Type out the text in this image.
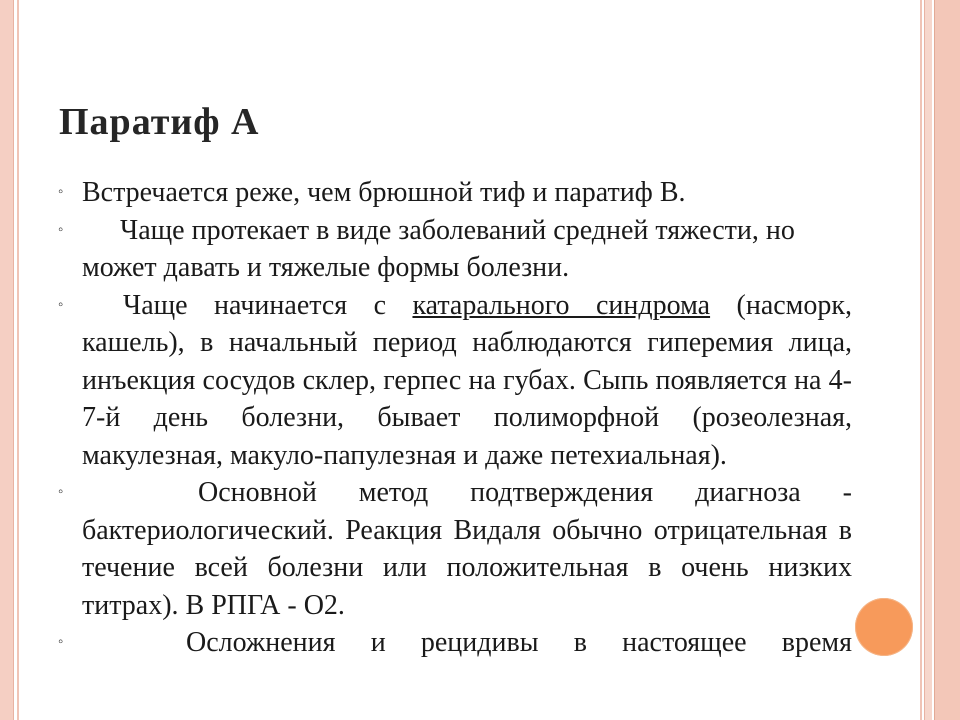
Паратиф А
◦ Встречается реже, чем брюшной тиф и паратиф В.
◦	Чаще протекает в виде заболеваний средней тяжести, но может давать и тяжелые формы болезни.
◦	Чаще начинается с катарального синдрома (насморк, кашель), в начальный период наблюдаются гиперемия лица, инъекция сосудов склер, герпес на губах. Сыпь появляется на 4-7-й день болезни, бывает полиморфной (розеолезная, макулезная, макуло-папулезная и даже петехиальная).
◦	Основной метод подтверждения диагноза - бактериологический. Реакция Видаля обычно отрицательная в течение всей болезни или положительная в очень низких титрах). В РПГА - О2.
◦	Осложнения и рецидивы в настоящее время
